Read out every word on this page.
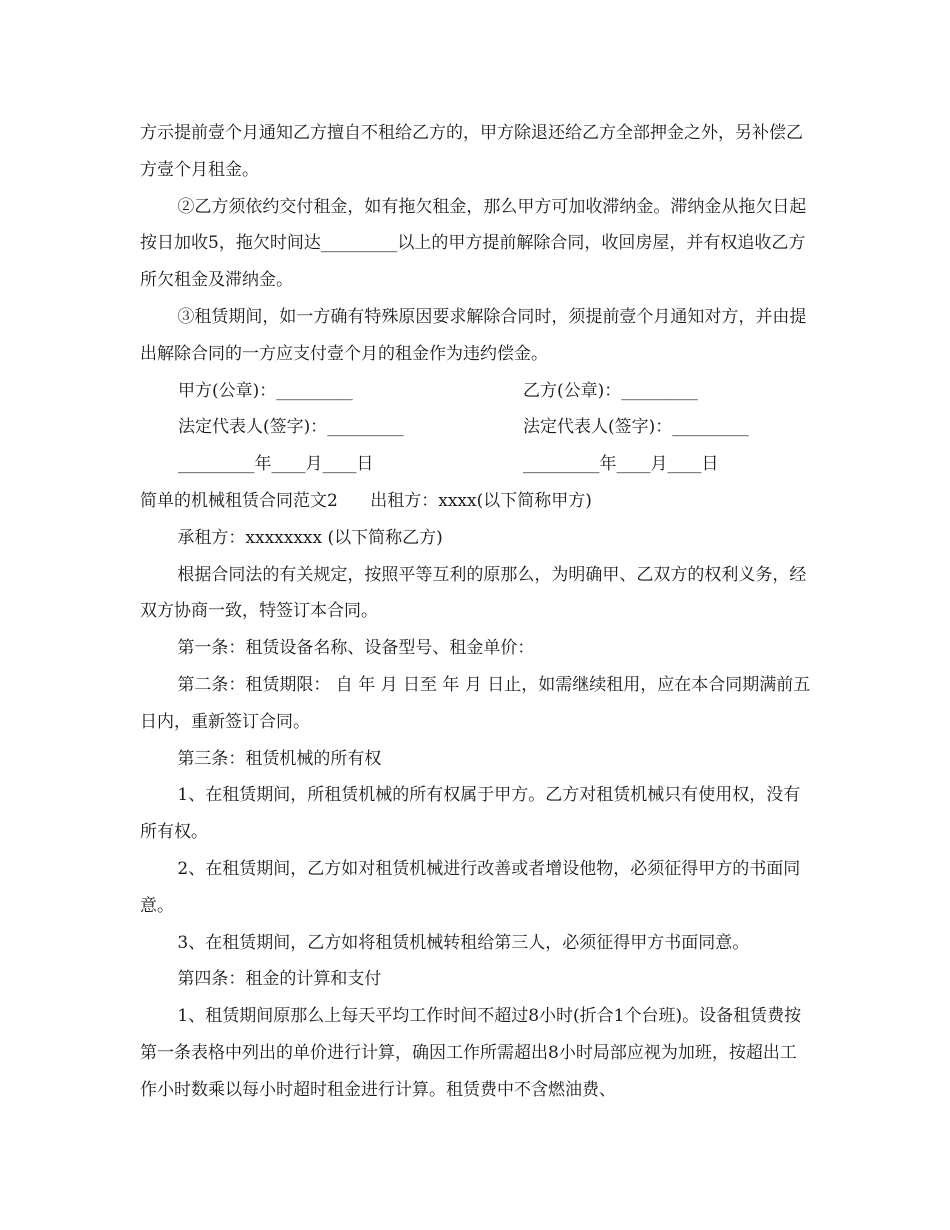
方示提前壹个月通知乙方擅自不租给乙方的，甲方除退还给乙方全部押金之外，另补偿乙方壹个月租金。

②乙方须依约交付租金，如有拖欠租金，那么甲方可加收滞纳金。滞纳金从拖欠日起按日加收5，拖欠时间达_________以上的甲方提前解除合同，收回房屋，并有权追收乙方所欠租金及滞纳金。

③租赁期间，如一方确有特殊原因要求解除合同时，须提前壹个月通知对方，并由提出解除合同的一方应支付壹个月的租金作为违约偿金。

甲方(公章)：_________	乙方(公章)：_________
法定代表人(签字)：_________	法定代表人(签字)：_________
_________年____月____日	_________年____月____日

简单的机械租赁合同范文2      出租方：xxxx(以下简称甲方)

承租方：xxxxxxxx (以下简称乙方)

根据合同法的有关规定，按照平等互利的原那么，为明确甲、乙双方的权利义务，经双方协商一致，特签订本合同。

第一条：租赁设备名称、设备型号、租金单价：

第二条：租赁期限： 自 年 月 日至 年 月 日止，如需继续租用，应在本合同期满前五日内，重新签订合同。

第三条：租赁机械的所有权

1、在租赁期间，所租赁机械的所有权属于甲方。乙方对租赁机械只有使用权，没有所有权。

2、在租赁期间，乙方如对租赁机械进行改善或者增设他物，必须征得甲方的书面同意。

3、在租赁期间，乙方如将租赁机械转租给第三人，必须征得甲方书面同意。

第四条：租金的计算和支付

1、租赁期间原那么上每天平均工作时间不超过8小时(折合1个台班)。设备租赁费按第一条表格中列出的单价进行计算，确因工作所需超出8小时局部应视为加班，按超出工作小时数乘以每小时超时租金进行计算。租赁费中不含燃油费、
